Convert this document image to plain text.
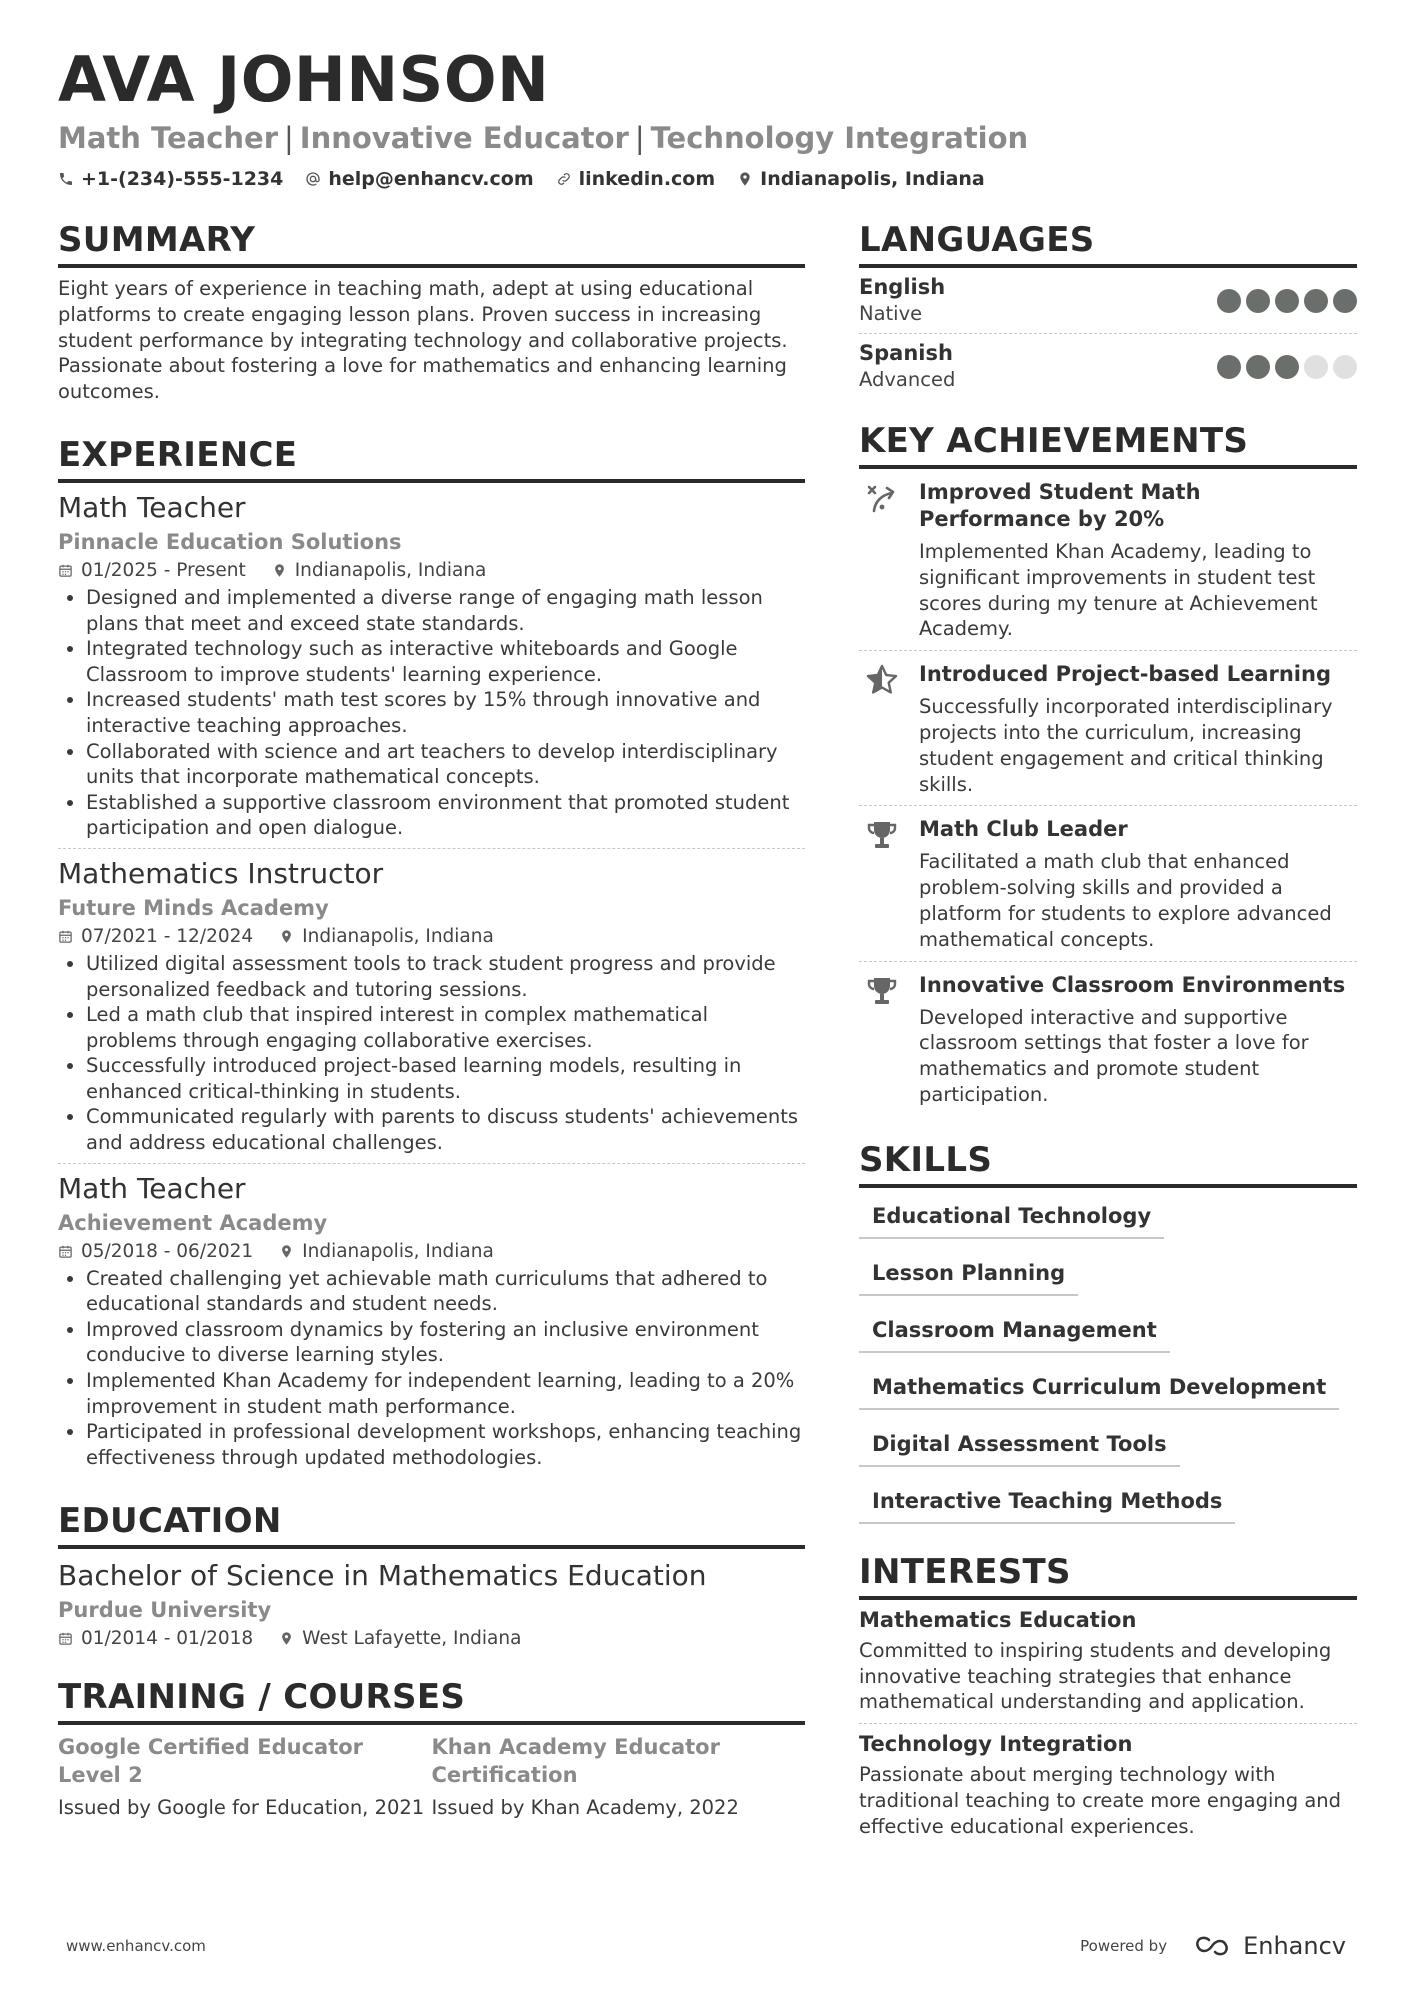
AVA JOHNSON
Math Teacher | Innovative Educator | Technology Integration
+1-(234)-555-1234 help@enhancv.com linkedin.com Indianapolis, Indiana
SUMMARY
Eight years of experience in teaching math, adept at using educational platforms to create engaging lesson plans. Proven success in increasing student performance by integrating technology and collaborative projects. Passionate about fostering a love for mathematics and enhancing learning outcomes.
EXPERIENCE
Math Teacher
Pinnacle Education Solutions
01/2025 - Present	Indianapolis, Indiana
• Designed and implemented a diverse range of engaging math lesson plans that meet and exceed state standards.
• Integrated technology such as interactive whiteboards and Google Classroom to improve students' learning experience.
• Increased students' math test scores by 15% through innovative and interactive teaching approaches.
• Collaborated with science and art teachers to develop interdisciplinary units that incorporate mathematical concepts.
• Established a supportive classroom environment that promoted student participation and open dialogue.
Mathematics Instructor
Future Minds Academy
07/2021 - 12/2024	Indianapolis, Indiana
• Utilized digital assessment tools to track student progress and provide personalized feedback and tutoring sessions.
• Led a math club that inspired interest in complex mathematical problems through engaging collaborative exercises.
• Successfully introduced project-based learning models, resulting in enhanced critical-thinking in students.
• Communicated regularly with parents to discuss students' achievements and address educational challenges.
Math Teacher
Achievement Academy
05/2018 - 06/2021	Indianapolis, Indiana
• Created challenging yet achievable math curriculums that adhered to educational standards and student needs.
• Improved classroom dynamics by fostering an inclusive environment conducive to diverse learning styles.
• Implemented Khan Academy for independent learning, leading to a 20% improvement in student math performance.
• Participated in professional development workshops, enhancing teaching effectiveness through updated methodologies.
EDUCATION
Bachelor of Science in Mathematics Education
Purdue University
01/2014 - 01/2018	West Lafayette, Indiana
TRAINING / COURSES
Google Certified Educator Level 2
Issued by Google for Education, 2021
Khan Academy Educator Certification
Issued by Khan Academy, 2022
LANGUAGES
English
Native
Spanish
Advanced
KEY ACHIEVEMENTS
Improved Student Math Performance by 20%
Implemented Khan Academy, leading to significant improvements in student test scores during my tenure at Achievement Academy.
Introduced Project-based Learning
Successfully incorporated interdisciplinary projects into the curriculum, increasing student engagement and critical thinking skills.
Math Club Leader
Facilitated a math club that enhanced problem-solving skills and provided a platform for students to explore advanced mathematical concepts.
Innovative Classroom Environments
Developed interactive and supportive classroom settings that foster a love for mathematics and promote student participation.
SKILLS
Educational Technology
Lesson Planning
Classroom Management
Mathematics Curriculum Development
Digital Assessment Tools
Interactive Teaching Methods
INTERESTS
Mathematics Education
Committed to inspiring students and developing innovative teaching strategies that enhance mathematical understanding and application.
Technology Integration
Passionate about merging technology with traditional teaching to create more engaging and effective educational experiences.
www.enhancv.com	Powered by	Enhancv
